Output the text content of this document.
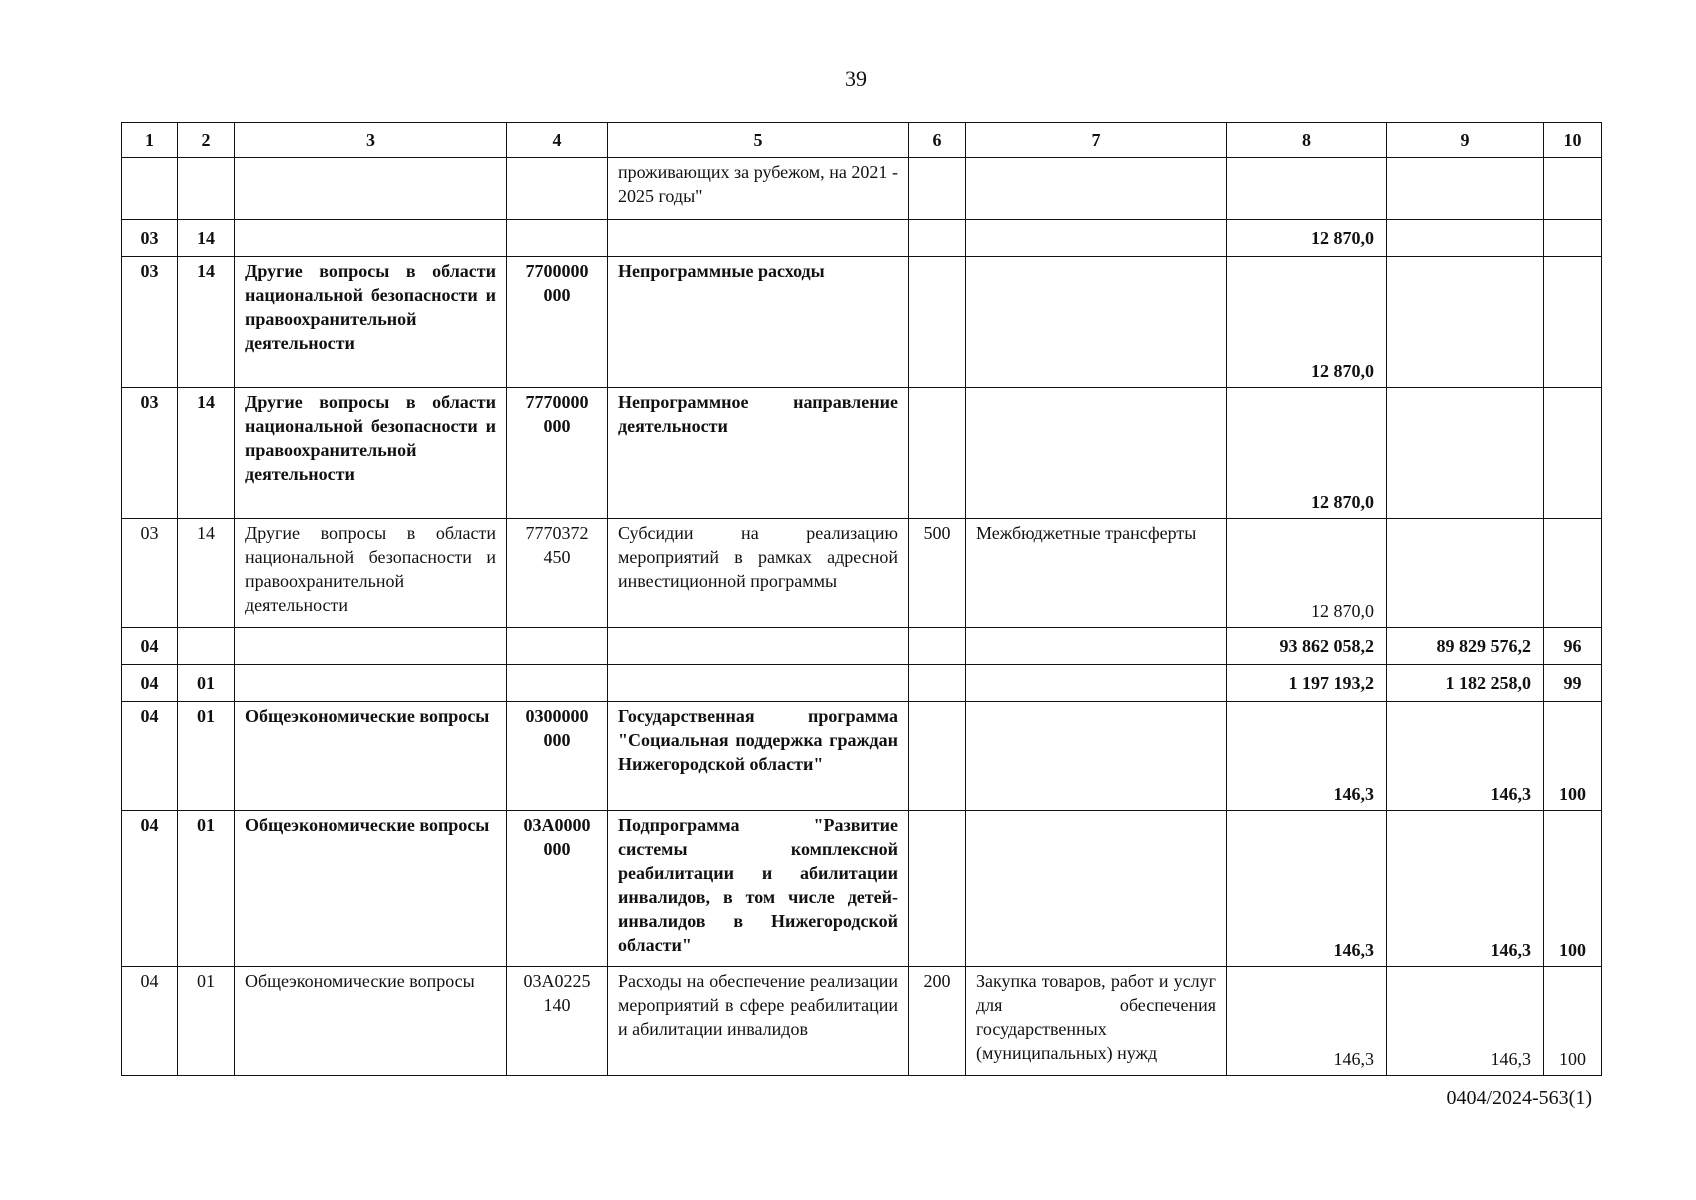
39
1	2	3	4	5	6	7	8	9	10
				проживающих за рубежом, на 2021 - 2025 годы"					
03	14						12 870,0		
03	14	Другие вопросы в области национальной безопасности и правоохранительной деятельности	7700000 000	Непрограммные расходы			12 870,0		
03	14	Другие вопросы в области национальной безопасности и правоохранительной деятельности	7770000 000	Непрограммное направление деятельности			12 870,0		
03	14	Другие вопросы в области национальной безопасности и правоохранительной деятельности	7770372 450	Субсидии на реализацию мероприятий в рамках адресной инвестиционной программы	500	Межбюджетные трансферты	12 870,0		
04							93 862 058,2	89 829 576,2	96
04	01						1 197 193,2	1 182 258,0	99
04	01	Общеэкономические вопросы	0300000 000	Государственная программа "Социальная поддержка граждан Нижегородской области"			146,3	146,3	100
04	01	Общеэкономические вопросы	03А0000 000	Подпрограмма "Развитие системы комплексной реабилитации и абилитации инвалидов, в том числе детей-инвалидов в Нижегородской области"			146,3	146,3	100
04	01	Общеэкономические вопросы	03А0225 140	Расходы на обеспечение реализации мероприятий в сфере реабилитации и абилитации инвалидов	200	Закупка товаров, работ и услуг для обеспечения государственных (муниципальных) нужд	146,3	146,3	100
0404/2024-563(1)
